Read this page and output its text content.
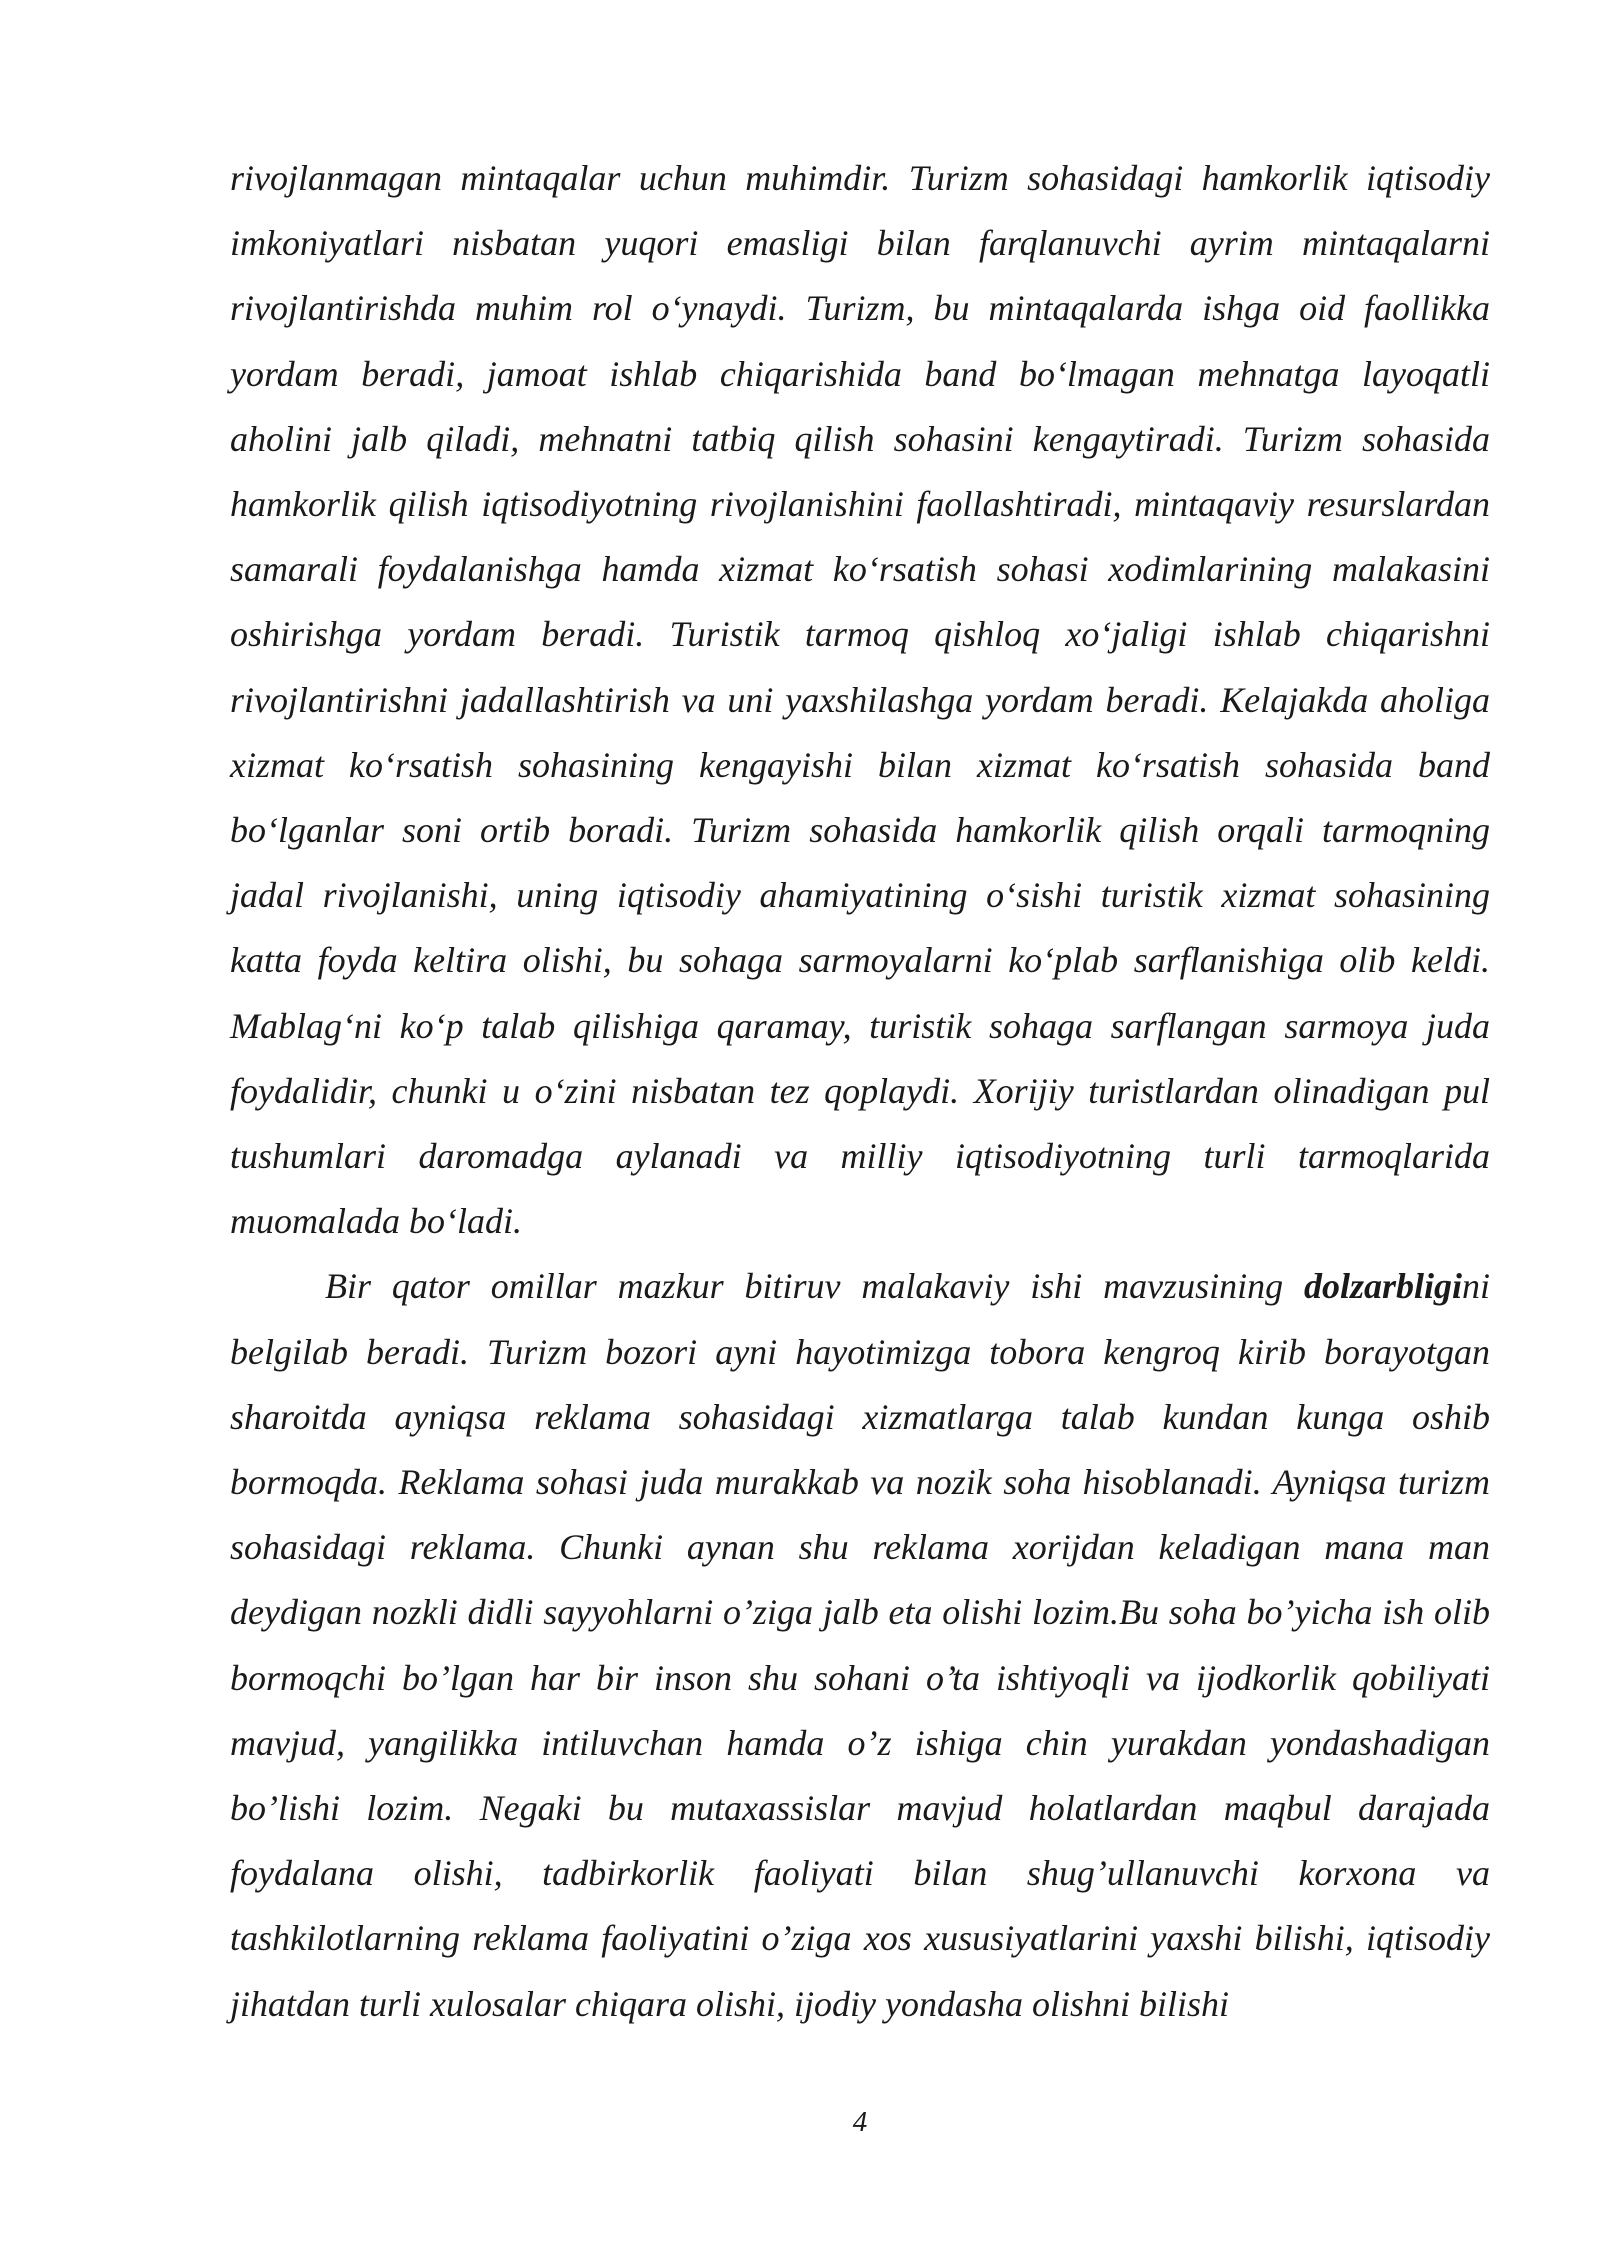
rivojlanmagan mintaqalar uchun muhimdir. Turizm sohasidagi hamkorlik iqtisodiy imkoniyatlari nisbatan yuqori emasligi bilan farqlanuvchi ayrim mintaqalarni rivojlantirishda muhim rol o‘ynaydi. Turizm, bu mintaqalarda ishga oid faollikka yordam beradi, jamoat ishlab chiqarishida band bo‘lmagan mehnatga layoqatli aholini jalb qiladi, mehnatni tatbiq qilish sohasini kengaytiradi. Turizm sohasida hamkorlik qilish iqtisodiyotning rivojlanishini faollashtiradi, mintaqaviy resurslardan samarali foydalanishga hamda xizmat ko‘rsatish sohasi xodimlarining malakasini oshirishga yordam beradi. Turistik tarmoq qishloq xo‘jaligi ishlab chiqarishni rivojlantirishni jadallashtirish va uni yaxshilashga yordam beradi. Kelajakda aholiga xizmat ko‘rsatish sohasining kengayishi bilan xizmat ko‘rsatish sohasida band bo‘lganlar soni ortib boradi. Turizm sohasida hamkorlik qilish orqali tarmoqning jadal rivojlanishi, uning iqtisodiy ahamiyatining o‘sishi turistik xizmat sohasining katta foyda keltira olishi, bu sohaga sarmoyalarni ko‘plab sarflanishiga olib keldi. Mablag‘ni ko‘p talab qilishiga qaramay, turistik sohaga sarflangan sarmoya juda foydalidir, chunki u o‘zini nisbatan tez qoplaydi. Xorijiy turistlardan olinadigan pul tushumlari daromadga aylanadi va milliy iqtisodiyotning turli tarmoqlarida muomalada bo‘ladi.

Bir qator omillar mazkur bitiruv malakaviy ishi mavzusining dolzarbligini belgilab beradi. Turizm bozori ayni hayotimizga tobora kengroq kirib borayotgan sharoitda ayniqsa reklama sohasidagi xizmatlarga talab kundan kunga oshib bormoqda. Reklama sohasi juda murakkab va nozik soha hisoblanadi. Ayniqsa turizm sohasidagi reklama. Chunki aynan shu reklama xorijdan keladigan mana man deydigan nozkli didli sayyohlarni o’ziga jalb eta olishi lozim.Bu soha bo’yicha ish olib bormoqchi bo’lgan har bir inson shu sohani o’ta ishtiyoqli va ijodkorlik qobiliyati mavjud, yangilikka intiluvchan hamda o’z ishiga chin yurakdan yondashadigan bo’lishi lozim. Negaki bu mutaxassislar mavjud holatlardan maqbul darajada foydalana olishi, tadbirkorlik faoliyati bilan shug’ullanuvchi korxona va tashkilotlarning reklama faoliyatini o’ziga xos xususiyatlarini yaxshi bilishi, iqtisodiy jihatdan turli xulosalar chiqara olishi, ijodiy yondasha olishni bilishi

4
